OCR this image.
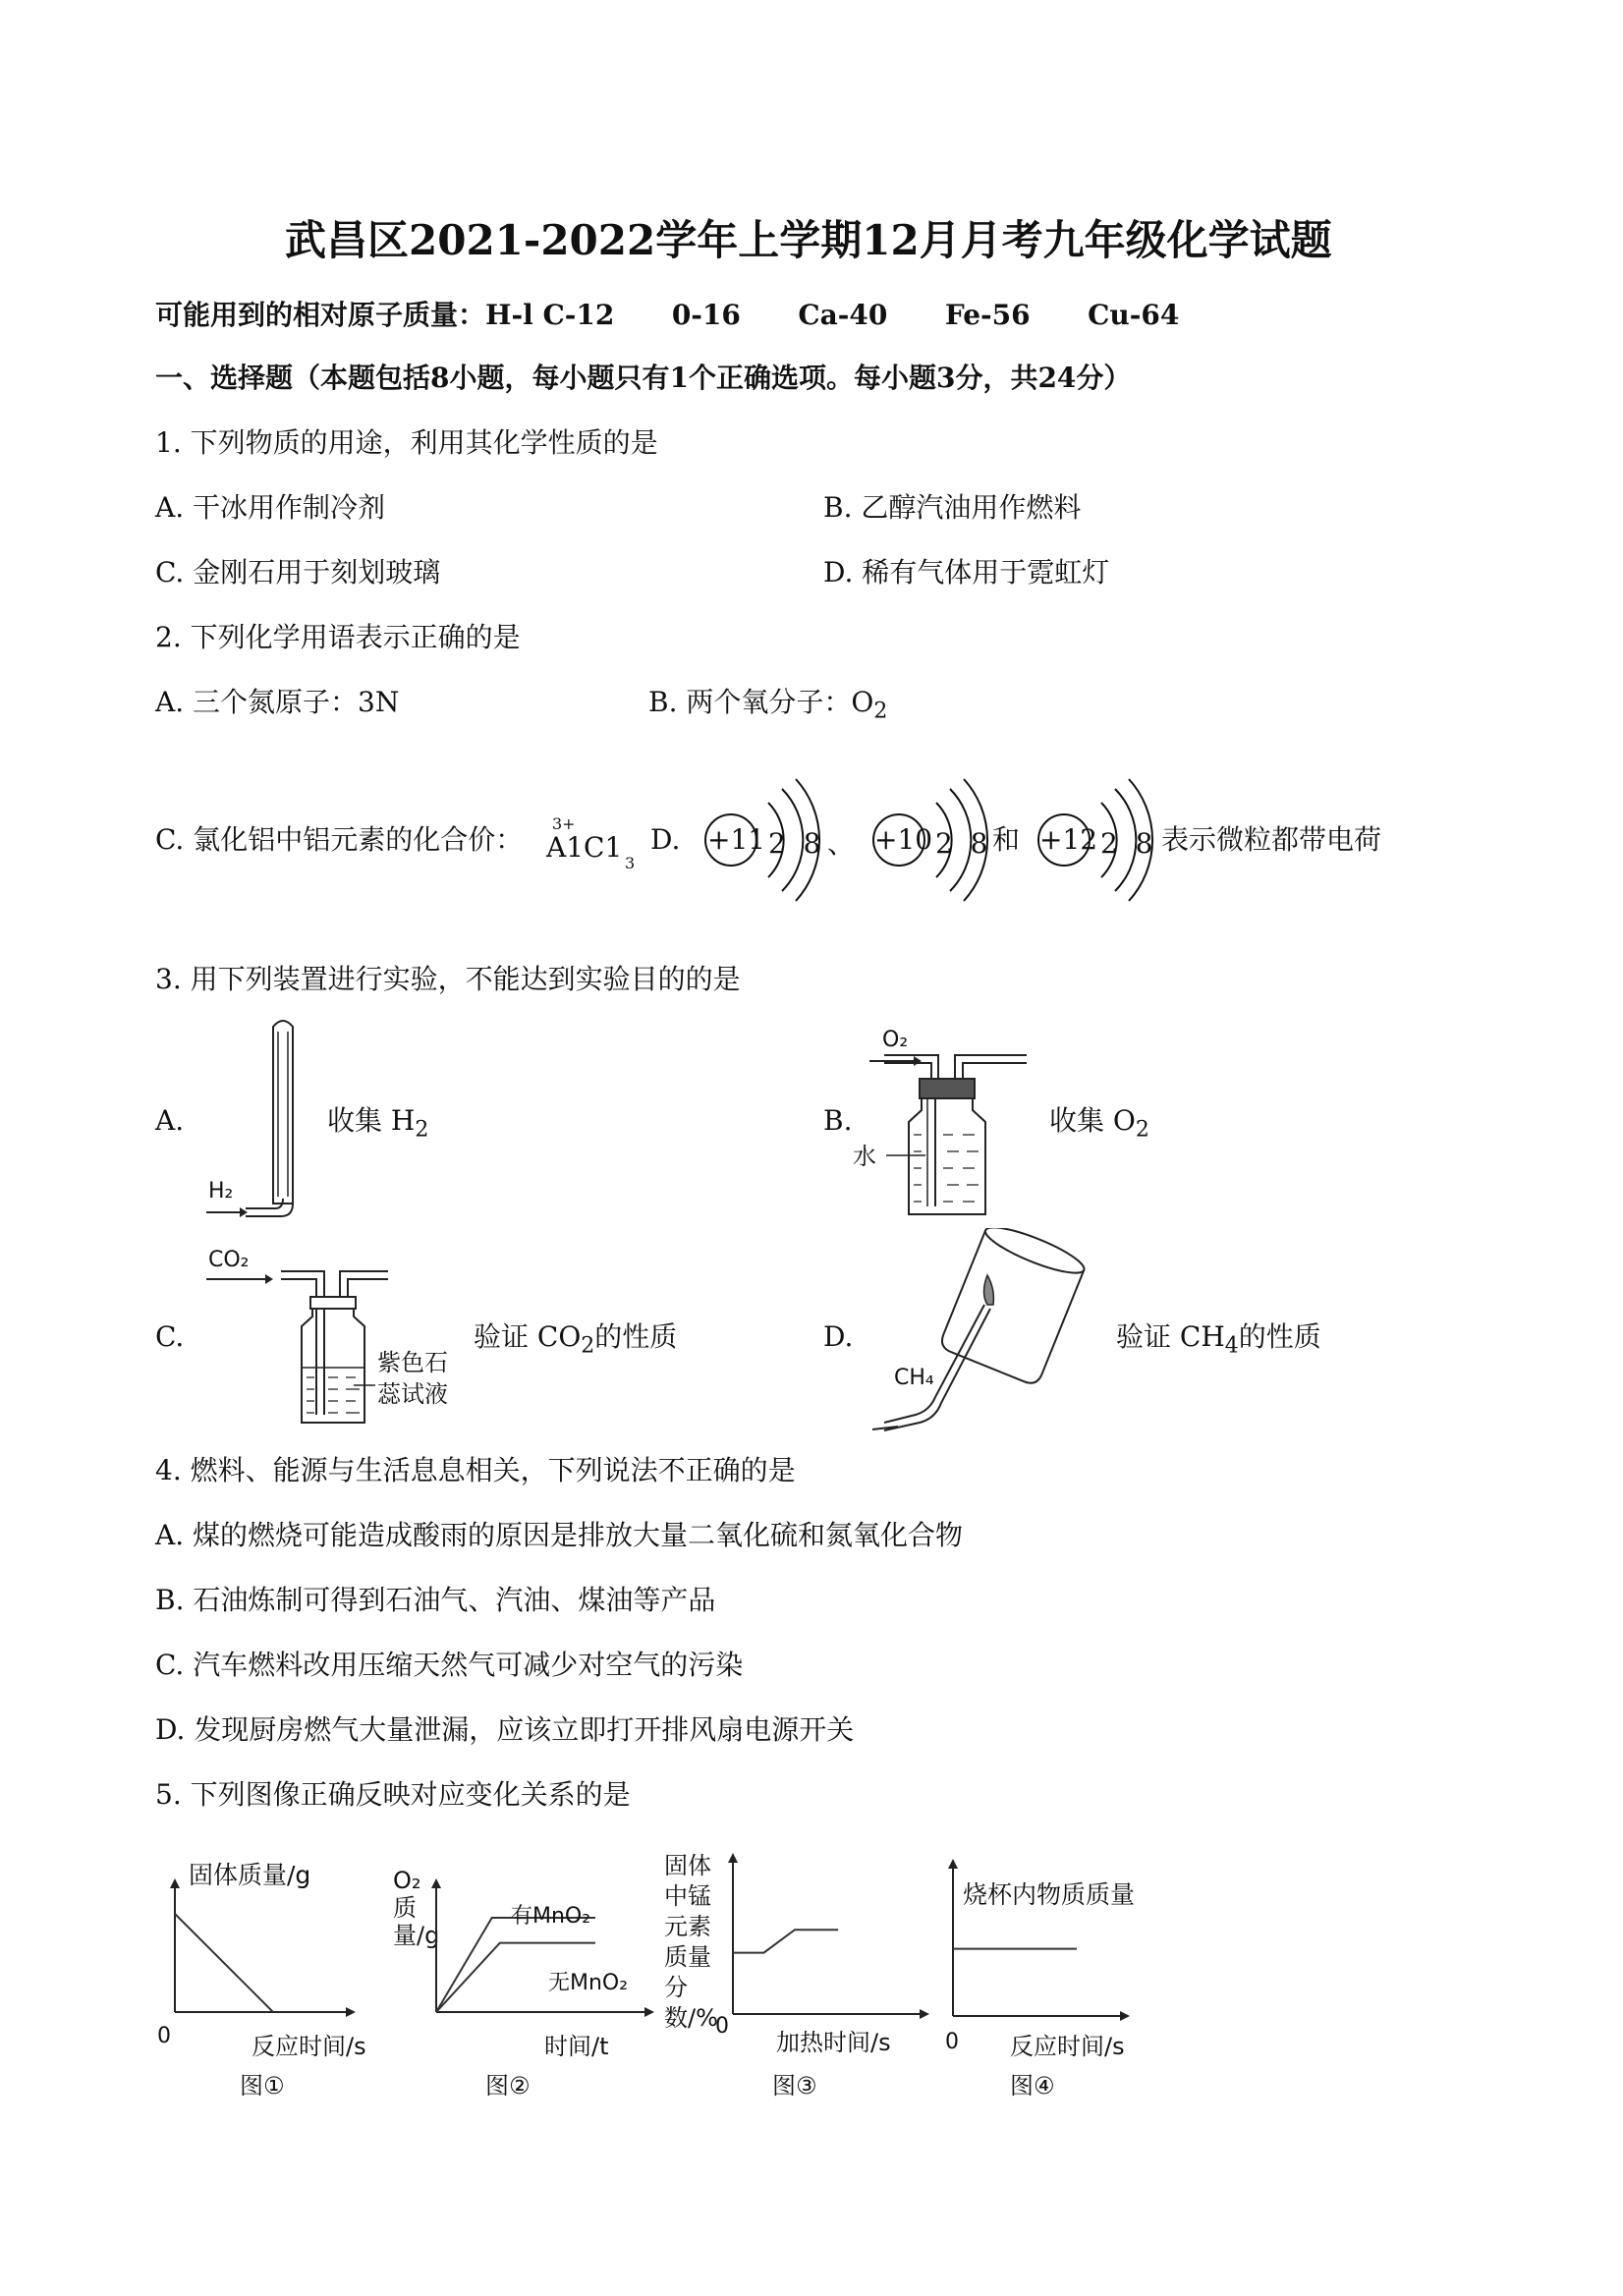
武昌区2021-2022学年上学期12月月考九年级化学试题
可能用到的相对原子质量：H-l C-12      0-16      Ca-40      Fe-56      Cu-64
一、选择题（本题包括8小题，每小题只有1个正确选项。每小题3分，共24分）
1. 下列物质的用途，利用其化学性质的是
A. 干冰用作制冷剂	B. 乙醇汽油用作燃料
C. 金刚石用于刻划玻璃	D. 稀有气体用于霓虹灯
2. 下列化学用语表示正确的是
A. 三个氮原子：3N	B. 两个氧分子：$O_2$
C. 氯化铝中铝元素的化合价： 3+
A1C1 3
D. +11 2  8 、 +10 2  8 和 +12 2  8 表示微粒都带电荷
3. 用下列装置进行实验，不能达到实验目的的是
A.
H₂
收集 $H_2$	B.
O₂
水
收集 $O_2$
C.
CO₂
紫色石
蕊试液
验证 $CO_2$的性质	D.
CH₄
验证 $CH_4$的性质
4. 燃料、能源与生活息息相关，下列说法不正确的是
A. 煤的燃烧可能造成酸雨的原因是排放大量二氧化硫和氮氧化合物
B. 石油炼制可得到石油气、汽油、煤油等产品
C. 汽车燃料改用压缩天然气可减少对空气的污染
D. 发现厨房燃气大量泄漏，应该立即打开排风扇电源开关
5. 下列图像正确反映对应变化关系的是
固体质量/g
0	反应时间/s
图①
O₂质量/g
有MnO₂
无MnO₂
时间/t
图②
固体中锰元素质量分数/%
0
加热时间/s
图③
烧杯内物质质量
0 反应时间/s
图④
